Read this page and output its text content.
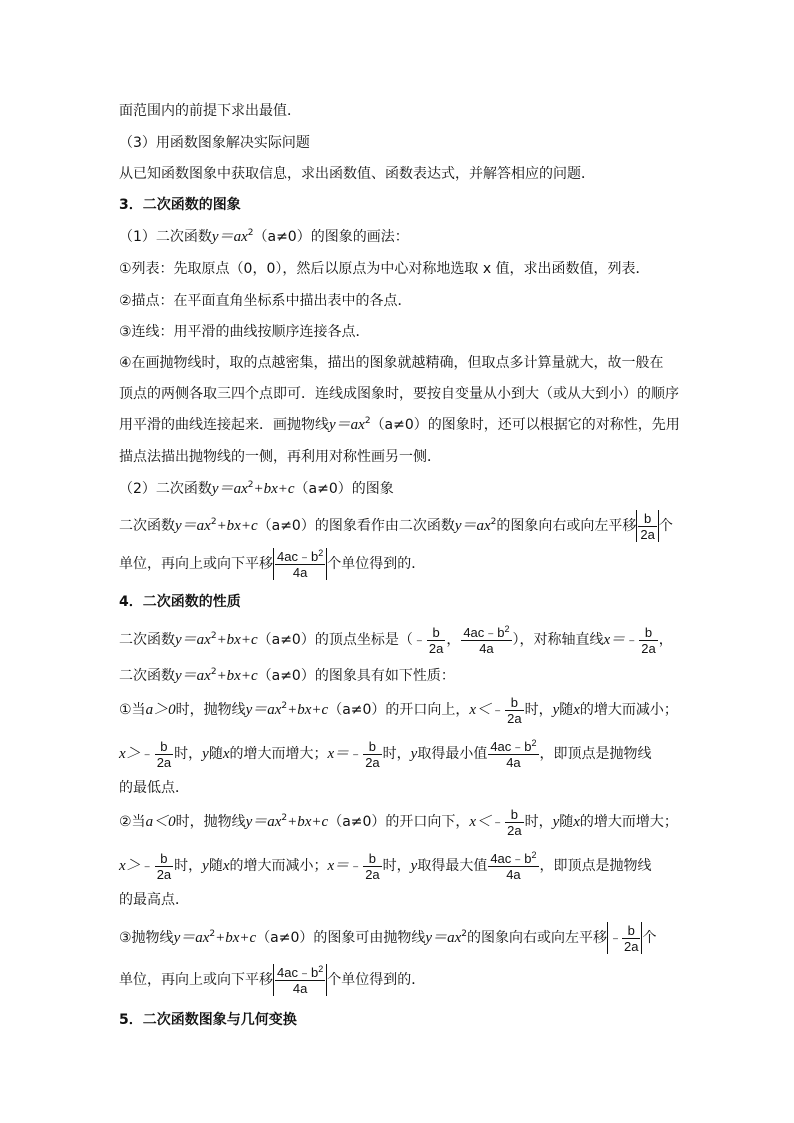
面范围内的前提下求出最值．
（3）用函数图象解决实际问题
从已知函数图象中获取信息，求出函数值、函数表达式，并解答相应的问题．
3．二次函数的图象
（1）二次函数$y=ax^2(a\ne 0)$的图象的画法：
①列表：先取原点（0，0），然后以原点为中心对称地选取 x 值，求出函数值，列表．
②描点：在平面直角坐标系中描出表中的各点．
③连线：用平滑的曲线按顺序连接各点．
④在画抛物线时，取的点越密集，描出的图象就越精确，但取点多计算量就大，故一般在
顶点的两侧各取三四个点即可．连线成图象时，要按自变量从小到大（或从大到小）的顺序
用平滑的曲线连接起来．画抛物线$y=ax^2(a\ne 0)$的图象时，还可以根据它的对称性，先用
描点法描出抛物线的一侧，再利用对称性画另一侧．
（2）二次函数$y=ax^2+bx+c(a\ne 0)$的图象
二次函数$y=ax^2+bx+c(a\ne 0)$的图象看作由二次函数$y=ax^2$的图象向右或向左平移 $\frac{b}{2a}$ 个
单位，再向上或向下平移 $\frac{4ac﹣b^2}{4a}$ 个单位得到的．
4．二次函数的性质
二次函数$y=ax^2+bx+c(a\ne 0)$的顶点坐标是（﹣ $\frac{b}{2a}$ ， $\frac{4ac﹣b^2}{4a}$ ），对称轴直线x＝﹣ $\frac{b}{2a}$ ，
二次函数$y=ax^2+bx+c(a\ne 0)$的图象具有如下性质：
①当a＞0时，抛物线$y=ax^2+bx+c(a\ne 0)$的开口向上，x＜﹣ $\frac{b}{2a}$ 时，y随x的增大而减小；
x＞﹣ $\frac{b}{2a}$ 时，y随x的增大而增大；x＝﹣ $\frac{b}{2a}$ 时，y取得最小值 $\frac{4ac﹣b^2}{4a}$ ，即顶点是抛物线
的最低点．
②当a＜0时，抛物线$y=ax^2+bx+c(a\ne 0)$的开口向下，x＜﹣ $\frac{b}{2a}$ 时，y随x的增大而增大；
x＞﹣ $\frac{b}{2a}$ 时，y随x的增大而减小；x＝﹣ $\frac{b}{2a}$ 时，y取得最大值 $\frac{4ac﹣b^2}{4a}$ ，即顶点是抛物线
的最高点．
③抛物线$y=ax^2+bx+c(a\ne 0)$的图象可由抛物线$y=ax^2$的图象向右或向左平移 ﹣ $\frac{b}{2a}$ 个
单位，再向上或向下平移 $\frac{4ac﹣b^2}{4a}$ 个单位得到的．
5．二次函数图象与几何变换
